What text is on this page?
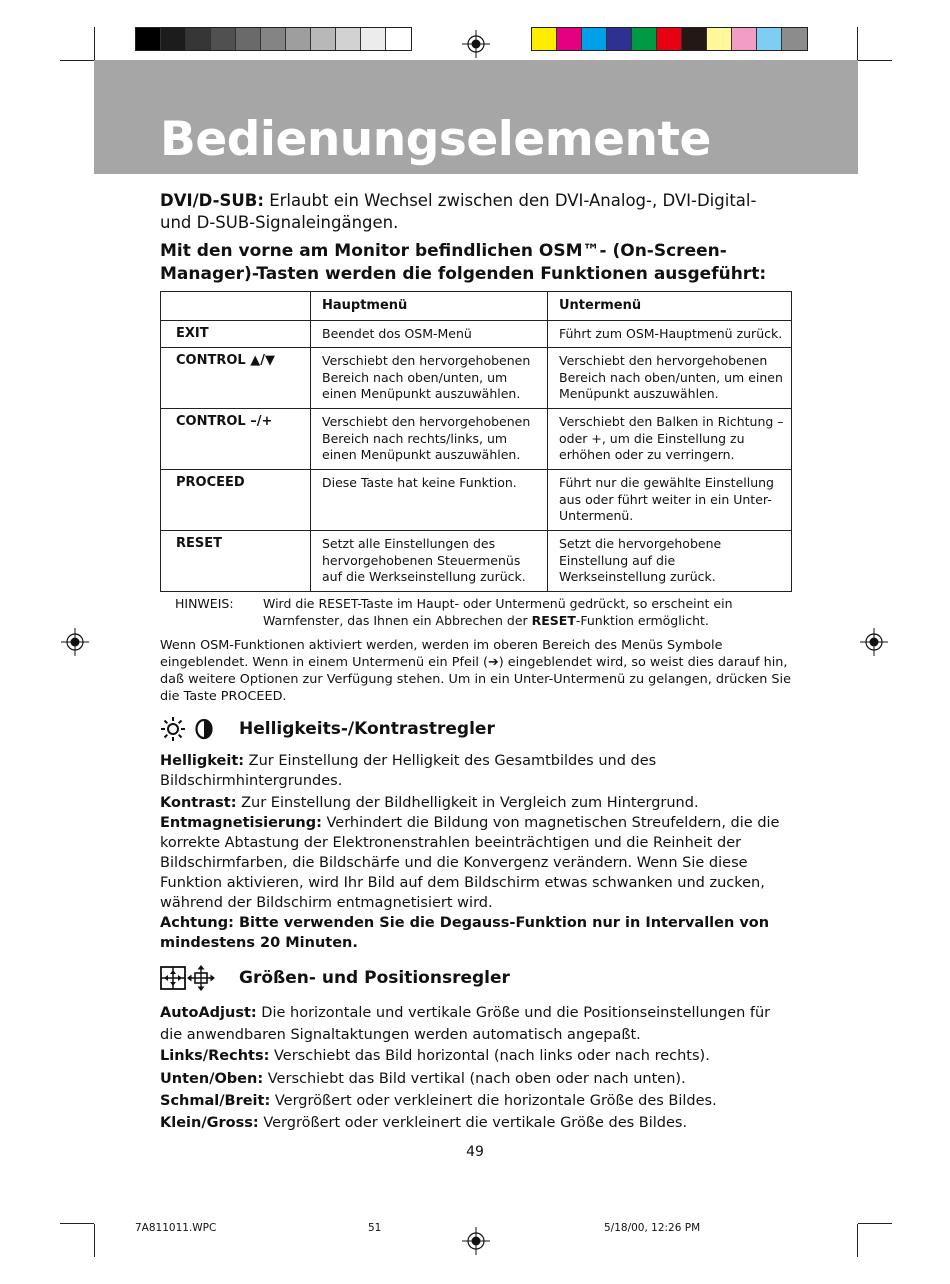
Bedienungselemente
DVI/D-SUB: Erlaubt ein Wechsel zwischen den DVI-Analog-, DVI-Digital- und D-SUB-Signaleingängen.
Mit den vorne am Monitor befindlichen OSM™- (On-Screen-Manager)-Tasten werden die folgenden Funktionen ausgeführt:
	Hauptmenü	Untermenü
EXIT	Beendet dos OSM-Menü	Führt zum OSM-Hauptmenü zurück.
CONTROL ▲/▼	Verschiebt den hervorgehobenen Bereich nach oben/unten, um einen Menüpunkt auszuwählen.	Verschiebt den hervorgehobenen Bereich nach oben/unten, um einen Menüpunkt auszuwählen.
CONTROL –/+	Verschiebt den hervorgehobenen Bereich nach rechts/links, um einen Menüpunkt auszuwählen.	Verschiebt den Balken in Richtung – oder +, um die Einstellung zu erhöhen oder zu verringern.
PROCEED	Diese Taste hat keine Funktion.	Führt nur die gewählte Einstellung aus oder führt weiter in ein Unter-Untermenü.
RESET	Setzt alle Einstellungen des hervorgehobenen Steuermenüs auf die Werkseinstellung zurück.	Setzt die hervorgehobene Einstellung auf die Werkseinstellung zurück.
HINWEIS: Wird die RESET-Taste im Haupt- oder Untermenü gedrückt, so erscheint ein Warnfenster, das Ihnen ein Abbrechen der RESET-Funktion ermöglicht.
Wenn OSM-Funktionen aktiviert werden, werden im oberen Bereich des Menüs Symbole eingeblendet. Wenn in einem Untermenü ein Pfeil (➔) eingeblendet wird, so weist dies darauf hin, daß weitere Optionen zur Verfügung stehen. Um in ein Unter-Untermenü zu gelangen, drücken Sie die Taste PROCEED.
Helligkeits-/Kontrastregler
Helligkeit: Zur Einstellung der Helligkeit des Gesamtbildes und des Bildschirmhintergrundes.
Kontrast: Zur Einstellung der Bildhelligkeit in Vergleich zum Hintergrund.
Entmagnetisierung: Verhindert die Bildung von magnetischen Streufeldern, die die korrekte Abtastung der Elektronenstrahlen beeinträchtigen und die Reinheit der Bildschirmfarben, die Bildschärfe und die Konvergenz verändern. Wenn Sie diese Funktion aktivieren, wird Ihr Bild auf dem Bildschirm etwas schwanken und zucken, während der Bildschirm entmagnetisiert wird.
Achtung: Bitte verwenden Sie die Degauss-Funktion nur in Intervallen von mindestens 20 Minuten.
Größen- und Positionsregler
AutoAdjust: Die horizontale und vertikale Größe und die Positionseinstellungen für die anwendbaren Signaltaktungen werden automatisch angepaßt.
Links/Rechts: Verschiebt das Bild horizontal (nach links oder nach rechts).
Unten/Oben: Verschiebt das Bild vertikal (nach oben oder nach unten).
Schmal/Breit: Vergrößert oder verkleinert die horizontale Größe des Bildes.
Klein/Gross: Vergrößert oder verkleinert die vertikale Größe des Bildes.
49
7A811011.WPC	51	5/18/00, 12:26 PM
